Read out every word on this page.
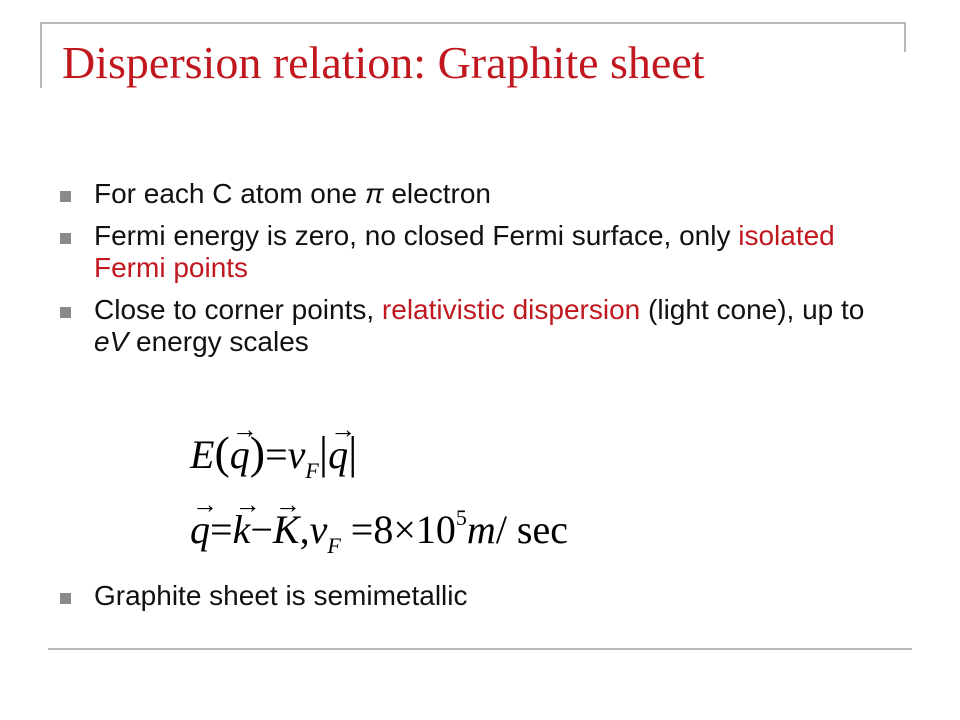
Dispersion relation: Graphite sheet
For each C atom one π electron
Fermi energy is zero, no closed Fermi surface, only isolated Fermi points
Close to corner points, relativistic dispersion (light cone), up to eV energy scales
$E(\to q)=v_F|\to q|$
→ $q=\to k-\to K,v_F =8\times 10^5m/$ sec
Graphite sheet is semimetallic
